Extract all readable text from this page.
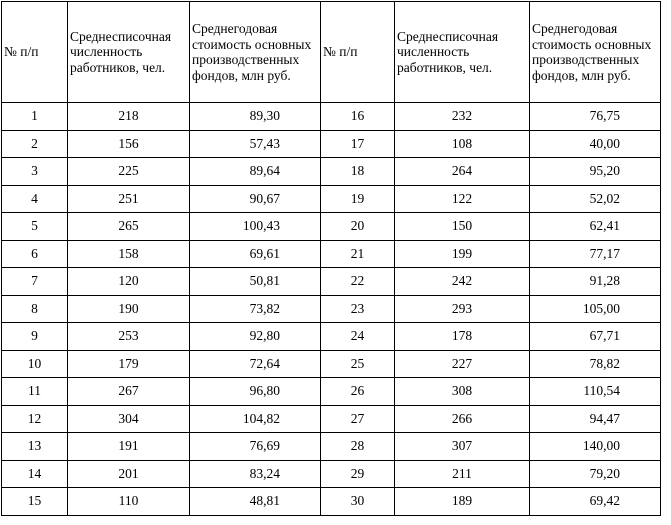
№ п/п	Среднесписочная численность работников, чел.	Среднегодовая стоимость основных производственных фондов, млн руб.	№ п/п	Среднесписочная численность работников, чел.	Среднегодовая стоимость основных производственных фондов, млн руб.
1	218	89,30	16	232	76,75
2	156	57,43	17	108	40,00
3	225	89,64	18	264	95,20
4	251	90,67	19	122	52,02
5	265	100,43	20	150	62,41
6	158	69,61	21	199	77,17
7	120	50,81	22	242	91,28
8	190	73,82	23	293	105,00
9	253	92,80	24	178	67,71
10	179	72,64	25	227	78,82
11	267	96,80	26	308	110,54
12	304	104,82	27	266	94,47
13	191	76,69	28	307	140,00
14	201	83,24	29	211	79,20
15	110	48,81	30	189	69,42
